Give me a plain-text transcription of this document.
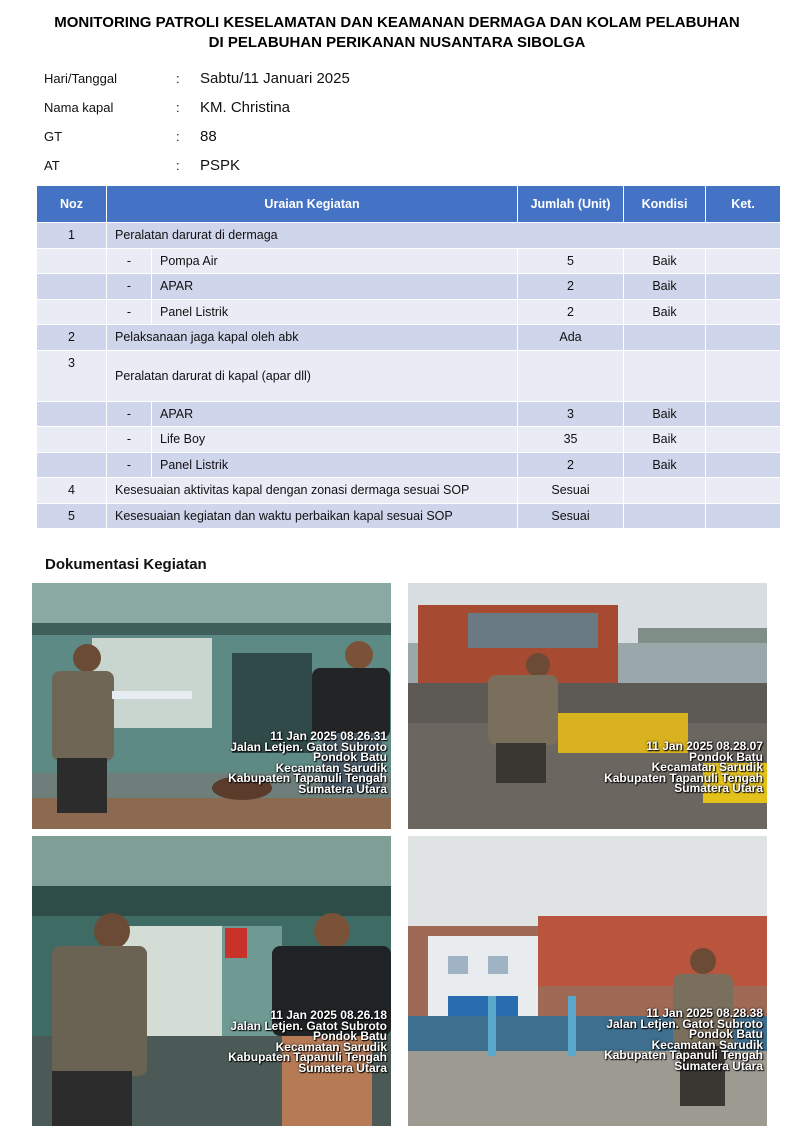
MONITORING PATROLI KESELAMATAN DAN KEAMANAN DERMAGA DAN KOLAM PELABUHAN
DI PELABUHAN PERIKANAN NUSANTARA SIBOLGA
Hari/Tanggal	:	Sabtu/11 Januari 2025
Nama kapal	:	KM. Christina
GT	:	88
AT	:	PSPK
Noz	Uraian Kegiatan		Jumlah (Unit)	Kondisi	Ket.
1	Peralatan darurat di dermaga				
	-	Pompa Air	5	Baik	
	-	APAR	2	Baik	
	-	Panel Listrik	2	Baik	
2	Pelaksanaan jaga kapal oleh abk		Ada		
3	Peralatan darurat di kapal (apar dll)				
	-	APAR	3	Baik	
	-	Life Boy	35	Baik	
	-	Panel Listrik	2	Baik	
4	Kesesuaian aktivitas kapal dengan zonasi dermaga sesuai SOP		Sesuai		
5	Kesesuaian kegiatan dan waktu perbaikan kapal sesuai SOP		Sesuai		
Dokumentasi Kegiatan
11 Jan 2025 08.26.31
Jalan Letjen. Gatot Subroto
Pondok Batu
Kecamatan Sarudik
Kabupaten Tapanuli Tengah
Sumatera Utara
11 Jan 2025 08.28.07
Pondok Batu
Kecamatan Sarudik
Kabupaten Tapanuli Tengah
Sumatera Utara
11 Jan 2025 08.26.18
Jalan Letjen. Gatot Subroto
Pondok Batu
Kecamatan Sarudik
Kabupaten Tapanuli Tengah
Sumatera Utara
11 Jan 2025 08.28.38
Jalan Letjen. Gatot Subroto
Pondok Batu
Kecamatan Sarudik
Kabupaten Tapanuli Tengah
Sumatera Utara
